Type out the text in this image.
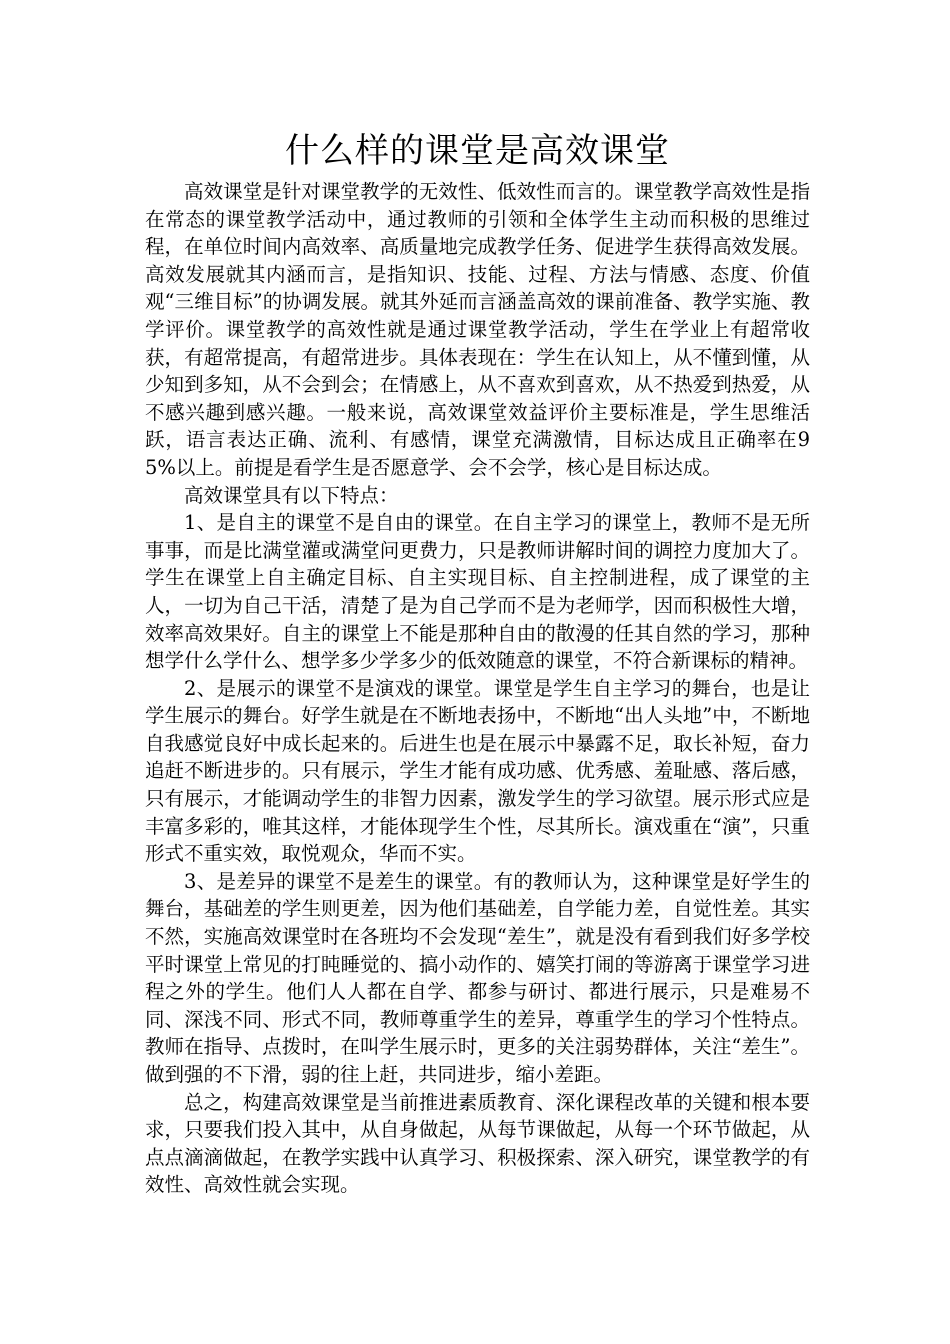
什么样的课堂是高效课堂

高效课堂是针对课堂教学的无效性、低效性而言的。课堂教学高效性是指在常态的课堂教学活动中，通过教师的引领和全体学生主动而积极的思维过程，在单位时间内高效率、高质量地完成教学任务、促进学生获得高效发展。高效发展就其内涵而言，是指知识、技能、过程、方法与情感、态度、价值观“三维目标”的协调发展。就其外延而言涵盖高效的课前准备、教学实施、教学评价。课堂教学的高效性就是通过课堂教学活动，学生在学业上有超常收获，有超常提高，有超常进步。具体表现在：学生在认知上，从不懂到懂，从少知到多知，从不会到会；在情感上，从不喜欢到喜欢，从不热爱到热爱，从不感兴趣到感兴趣。一般来说，高效课堂效益评价主要标准是，学生思维活跃，语言表达正确、流利、有感情，课堂充满激情，目标达成且正确率在95%以上。前提是看学生是否愿意学、会不会学，核心是目标达成。

高效课堂具有以下特点：

1、是自主的课堂不是自由的课堂。在自主学习的课堂上，教师不是无所事事，而是比满堂灌或满堂问更费力，只是教师讲解时间的调控力度加大了。学生在课堂上自主确定目标、自主实现目标、自主控制进程，成了课堂的主人，一切为自己干活，清楚了是为自己学而不是为老师学，因而积极性大增，效率高效果好。自主的课堂上不能是那种自由的散漫的任其自然的学习，那种想学什么学什么、想学多少学多少的低效随意的课堂，不符合新课标的精神。

2、是展示的课堂不是演戏的课堂。课堂是学生自主学习的舞台，也是让学生展示的舞台。好学生就是在不断地表扬中，不断地“出人头地”中，不断地自我感觉良好中成长起来的。后进生也是在展示中暴露不足，取长补短，奋力追赶不断进步的。只有展示，学生才能有成功感、优秀感、羞耻感、落后感，只有展示，才能调动学生的非智力因素，激发学生的学习欲望。展示形式应是丰富多彩的，唯其这样，才能体现学生个性，尽其所长。演戏重在“演”，只重形式不重实效，取悦观众，华而不实。

3、是差异的课堂不是差生的课堂。有的教师认为，这种课堂是好学生的舞台，基础差的学生则更差，因为他们基础差，自学能力差，自觉性差。其实不然，实施高效课堂时在各班均不会发现“差生”，就是没有看到我们好多学校平时课堂上常见的打盹睡觉的、搞小动作的、嬉笑打闹的等游离于课堂学习进程之外的学生。他们人人都在自学、都参与研讨、都进行展示，只是难易不同、深浅不同、形式不同，教师尊重学生的差异，尊重学生的学习个性特点。教师在指导、点拨时，在叫学生展示时，更多的关注弱势群体，关注“差生”。做到强的不下滑，弱的往上赶，共同进步，缩小差距。

总之，构建高效课堂是当前推进素质教育、深化课程改革的关键和根本要求，只要我们投入其中，从自身做起，从每节课做起，从每一个环节做起，从点点滴滴做起，在教学实践中认真学习、积极探索、深入研究，课堂教学的有效性、高效性就会实现。
